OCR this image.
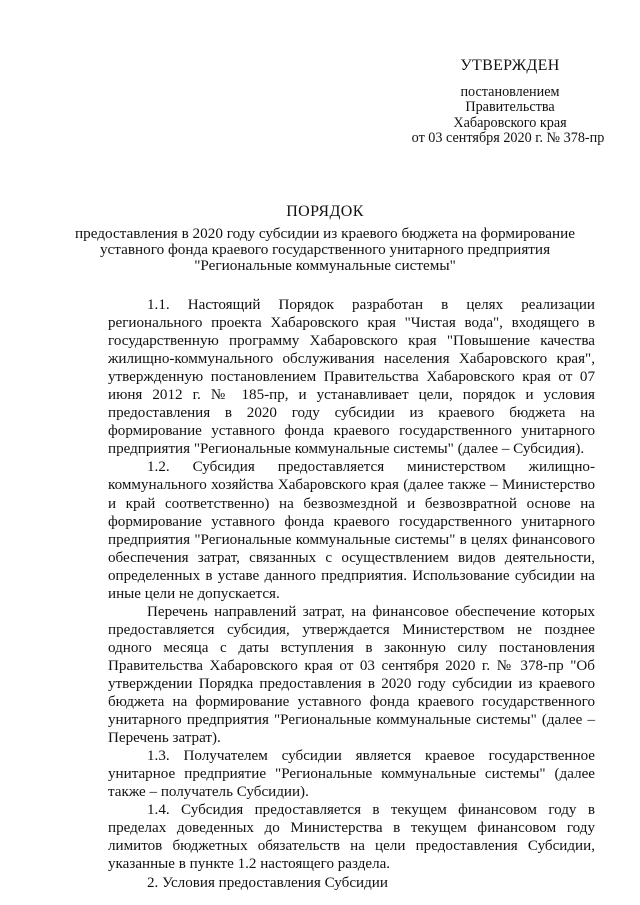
УТВЕРЖДЕН
постановлением
Правительства
Хабаровского края
от 03 сентября 2020 г. № 378-пр
ПОРЯДОК
предоставления в 2020 году субсидии из краевого бюджета на формирование уставного фонда краевого государственного унитарного предприятия "Региональные коммунальные системы"

1.1. Настоящий Порядок разработан в целях реализации регионального проекта Хабаровского края "Чистая вода", входящего в государственную программу Хабаровского края "Повышение качества жилищно-коммунального обслуживания населения Хабаровского края", утвержденную постановлением Правительства Хабаровского края от 07 июня 2012 г. № 185-пр, и устанавливает цели, порядок и условия предоставления в 2020 году субсидии из краевого бюджета на формирование уставного фонда краевого государственного унитарного предприятия "Региональные коммунальные системы" (далее – Субсидия).

1.2. Субсидия предоставляется министерством жилищно-коммунального хозяйства Хабаровского края (далее также – Министерство и край соответственно) на безвозмездной и безвозвратной основе на формирование уставного фонда краевого государственного унитарного предприятия "Региональные коммунальные системы" в целях финансового обеспечения затрат, связанных с осуществлением видов деятельности, определенных в уставе данного предприятия. Использование субсидии на иные цели не допускается.

Перечень направлений затрат, на финансовое обеспечение которых предоставляется субсидия, утверждается Министерством не позднее одного месяца с даты вступления в законную силу постановления Правительства Хабаровского края от 03 сентября 2020 г. № 378-пр "Об утверждении Порядка предоставления в 2020 году субсидии из краевого бюджета на формирование уставного фонда краевого государственного унитарного предприятия "Региональные коммунальные системы" (далее – Перечень затрат).

1.3. Получателем субсидии является краевое государственное унитарное предприятие "Региональные коммунальные системы" (далее также – получатель Субсидии).

1.4. Субсидия предоставляется в текущем финансовом году в пределах доведенных до Министерства в текущем финансовом году лимитов бюджетных обязательств на цели предоставления Субсидии, указанные в пункте 1.2 настоящего раздела.

2. Условия предоставления Субсидии
